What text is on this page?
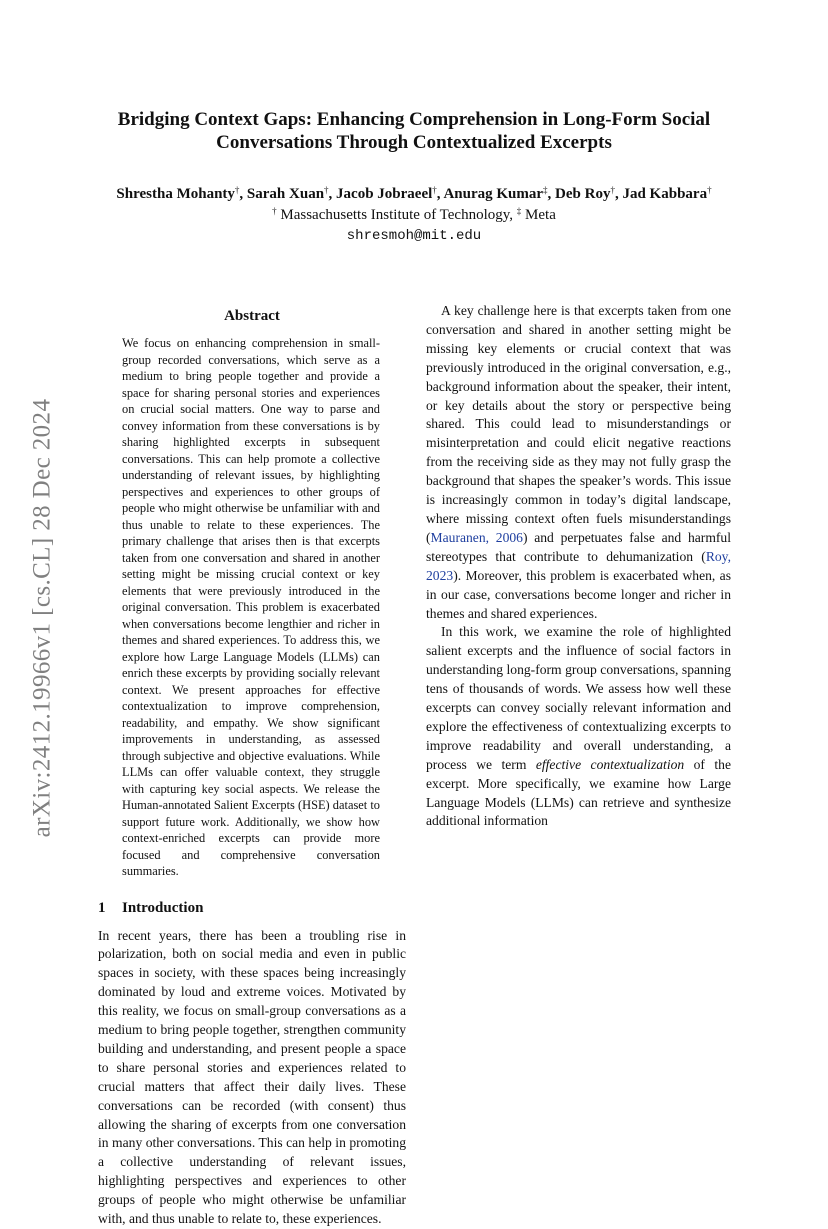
arXiv:2412.19966v1 [cs.CL] 28 Dec 2024
Bridging Context Gaps: Enhancing Comprehension in Long-Form Social
Conversations Through Contextualized Excerpts
Shrestha Mohanty†, Sarah Xuan†, Jacob Jobraeel†, Anurag Kumar‡, Deb Roy†, Jad Kabbara†
† Massachusetts Institute of Technology, ‡ Meta
shresmoh@mit.edu
Abstract

We focus on enhancing comprehension in small-group recorded conversations, which serve as a medium to bring people together and provide a space for sharing personal stories and experiences on crucial social matters. One way to parse and convey information from these conversations is by sharing highlighted excerpts in subsequent conversations. This can help promote a collective understanding of relevant issues, by highlighting perspectives and experiences to other groups of people who might otherwise be unfamiliar with and thus unable to relate to these experiences. The primary challenge that arises then is that excerpts taken from one conversation and shared in another setting might be missing crucial context or key elements that were previously introduced in the original conversation. This problem is exacerbated when conversations become lengthier and richer in themes and shared experiences. To address this, we explore how Large Language Models (LLMs) can enrich these excerpts by providing socially relevant context. We present approaches for effective contextualization to improve comprehension, readability, and empathy. We show significant improvements in understanding, as assessed through subjective and objective evaluations. While LLMs can offer valuable context, they struggle with capturing key social aspects. We release the Human-annotated Salient Excerpts (HSE) dataset to support future work. Additionally, we show how context-enriched excerpts can provide more focused and comprehensive conversation summaries.

1 Introduction

In recent years, there has been a troubling rise in polarization, both on social media and even in public spaces in society, with these spaces being increasingly dominated by loud and extreme voices. Motivated by this reality, we focus on small-group conversations as a medium to bring people together, strengthen community building and understanding, and present people a space to share personal stories and experiences related to crucial matters that affect their daily lives. These conversations can be recorded (with consent) thus allowing the sharing of excerpts from one conversation in many other conversations. This can help in promoting a collective understanding of relevant issues, highlighting perspectives and experiences to other groups of people who might otherwise be unfamiliar with, and thus unable to relate to, these experiences.

A key challenge here is that excerpts taken from one conversation and shared in another setting might be missing key elements or crucial context that was previously introduced in the original conversation, e.g., background information about the speaker, their intent, or key details about the story or perspective being shared. This could lead to misunderstandings or misinterpretation and could elicit negative reactions from the receiving side as they may not fully grasp the background that shapes the speaker’s words. This issue is increasingly common in today’s digital landscape, where missing context often fuels misunderstandings (Mauranen, 2006) and perpetuates false and harmful stereotypes that contribute to dehumanization (Roy, 2023). Moreover, this problem is exacerbated when, as in our case, conversations become longer and richer in themes and shared experiences.

In this work, we examine the role of highlighted salient excerpts and the influence of social factors in understanding long-form group conversations, spanning tens of thousands of words. We assess how well these excerpts can convey socially relevant information and explore the effectiveness of contextualizing excerpts to improve readability and overall understanding, a process we term effective contextualization of the excerpt. More specifically, we examine how Large Language Models (LLMs) can retrieve and synthesize additional information
